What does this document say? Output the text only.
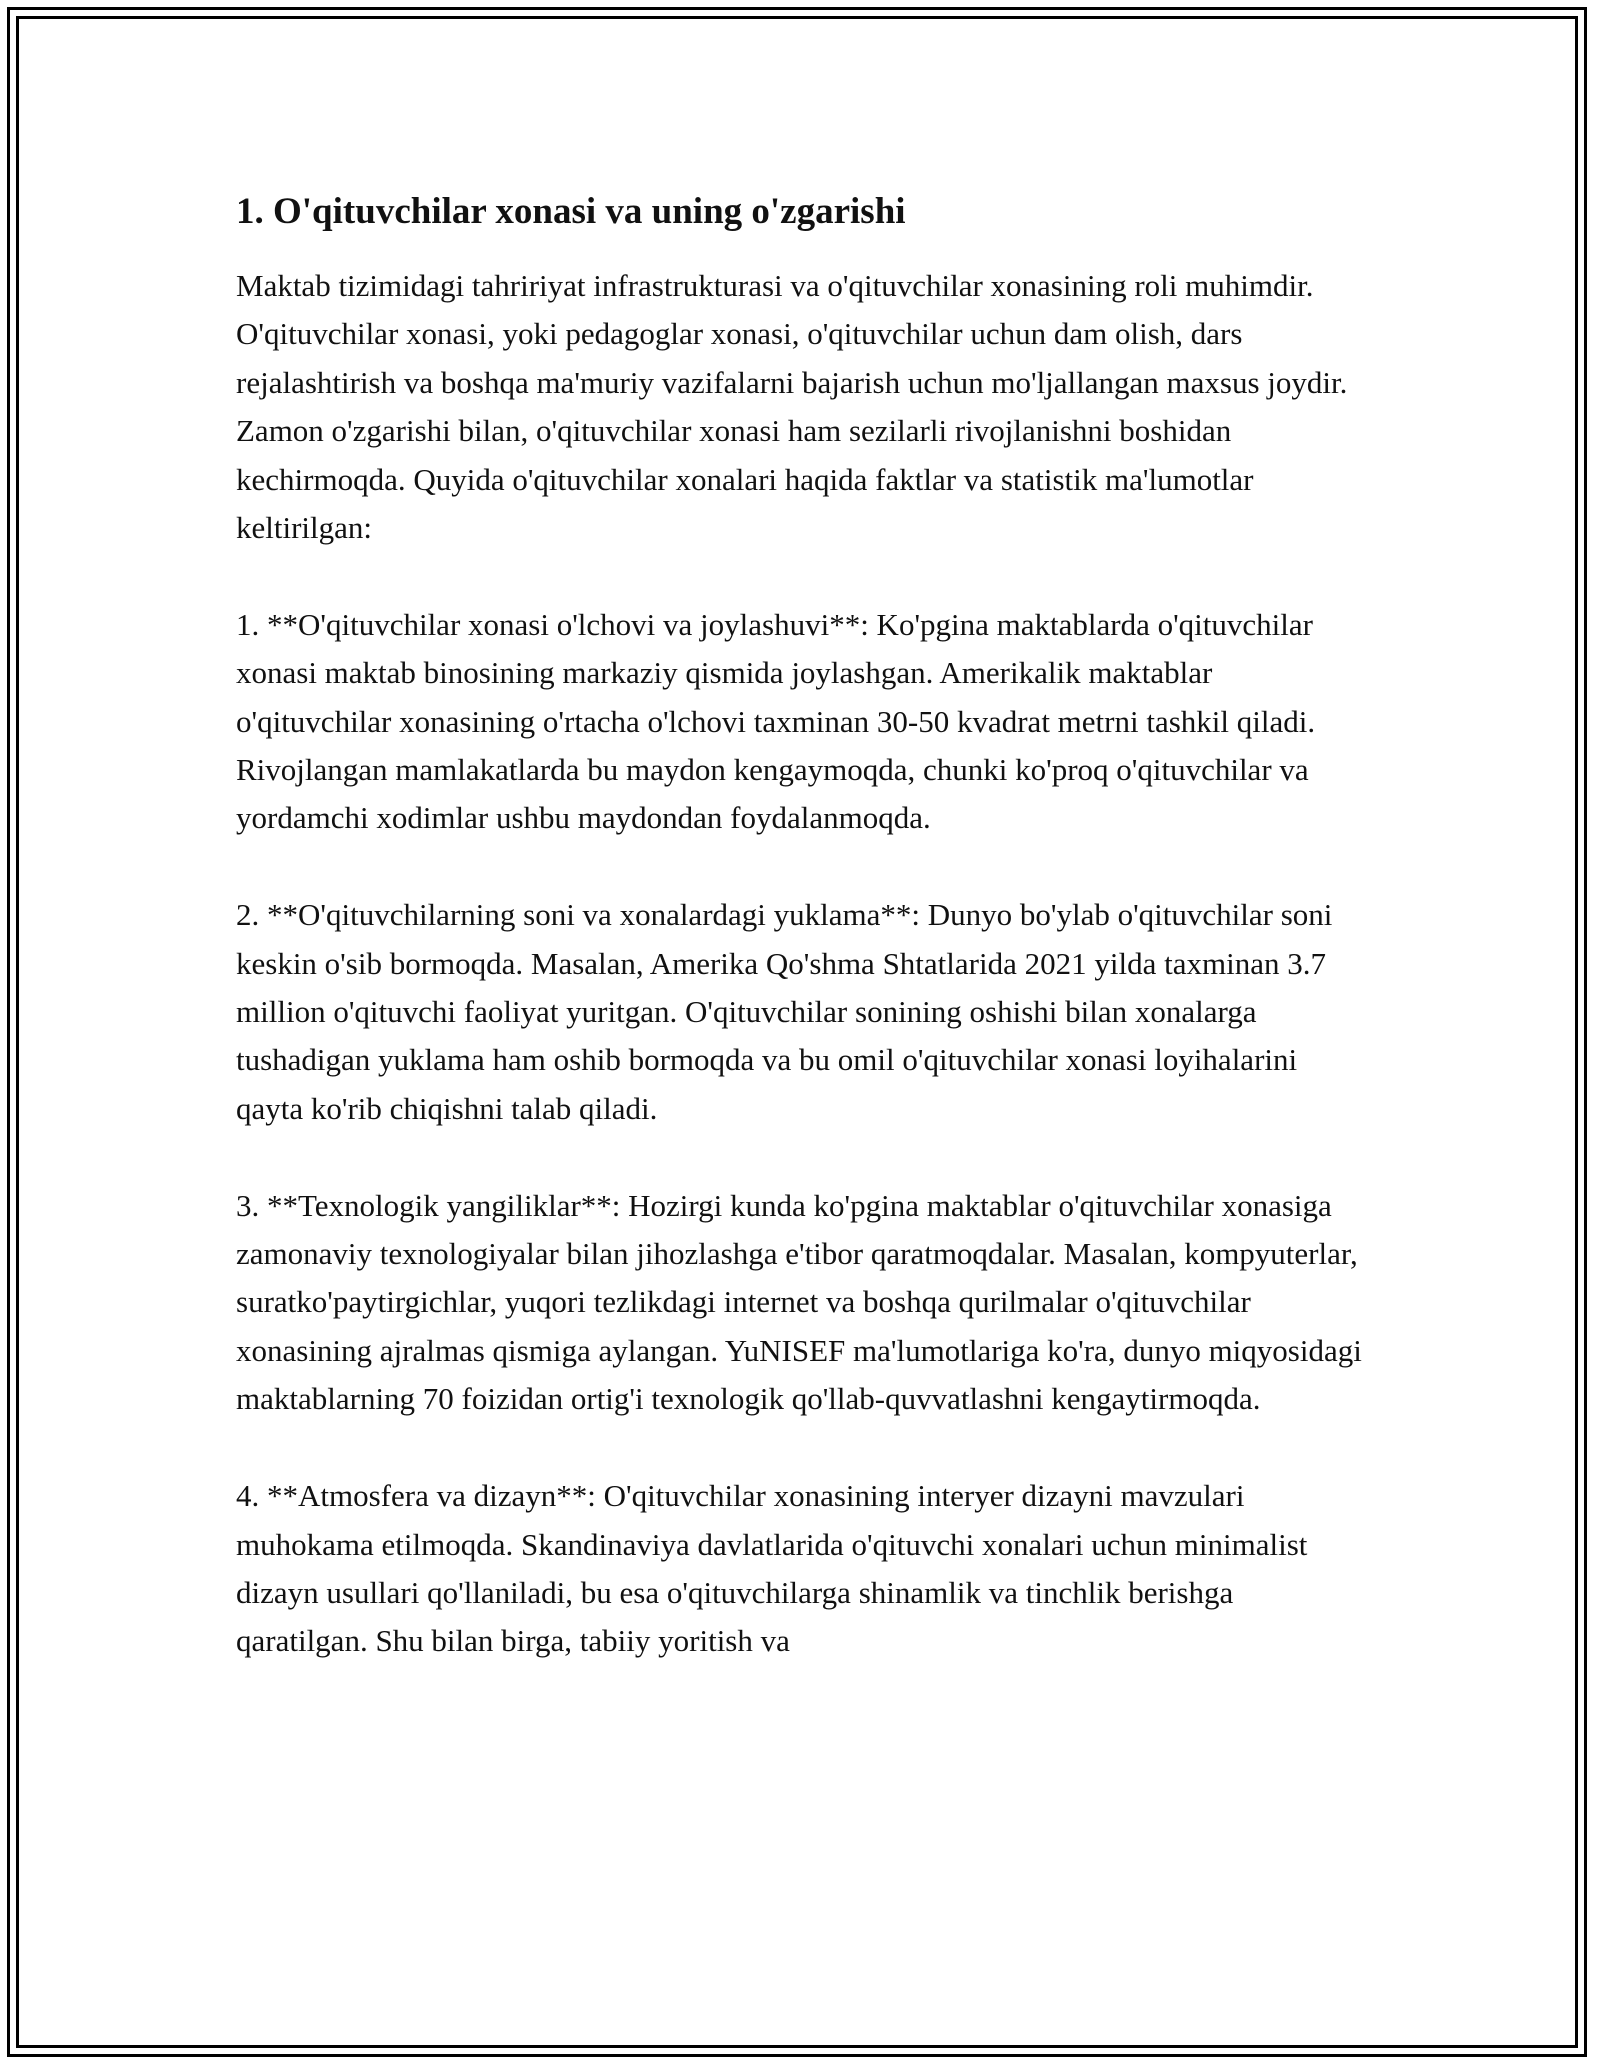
1. O'qituvchilar xonasi va uning o'zgarishi

Maktab tizimidagi tahririyat infrastrukturasi va o'qituvchilar xonasining roli muhimdir. O'qituvchilar xonasi, yoki pedagoglar xonasi, o'qituvchilar uchun dam olish, dars rejalashtirish va boshqa ma'muriy vazifalarni bajarish uchun mo'ljallangan maxsus joydir. Zamon o'zgarishi bilan, o'qituvchilar xonasi ham sezilarli rivojlanishni boshidan kechirmoqda. Quyida o'qituvchilar xonalari haqida faktlar va statistik ma'lumotlar keltirilgan:

1. **O'qituvchilar xonasi o'lchovi va joylashuvi**: Ko'pgina maktablarda o'qituvchilar xonasi maktab binosining markaziy qismida joylashgan. Amerikalik maktablar o'qituvchilar xonasining o'rtacha o'lchovi taxminan 30-50 kvadrat metrni tashkil qiladi. Rivojlangan mamlakatlarda bu maydon kengaymoqda, chunki ko'proq o'qituvchilar va yordamchi xodimlar ushbu maydondan foydalanmoqda.

2. **O'qituvchilarning soni va xonalardagi yuklama**: Dunyo bo'ylab o'qituvchilar soni keskin o'sib bormoqda. Masalan, Amerika Qo'shma Shtatlarida 2021 yilda taxminan 3.7 million o'qituvchi faoliyat yuritgan. O'qituvchilar sonining oshishi bilan xonalarga tushadigan yuklama ham oshib bormoqda va bu omil o'qituvchilar xonasi loyihalarini qayta ko'rib chiqishni talab qiladi.

3. **Texnologik yangiliklar**: Hozirgi kunda ko'pgina maktablar o'qituvchilar xonasiga zamonaviy texnologiyalar bilan jihozlashga e'tibor qaratmoqdalar. Masalan, kompyuterlar, suratko'paytirgichlar, yuqori tezlikdagi internet va boshqa qurilmalar o'qituvchilar xonasining ajralmas qismiga aylangan. YuNISEF ma'lumotlariga ko'ra, dunyo miqyosidagi maktablarning 70 foizidan ortig'i texnologik qo'llab-quvvatlashni kengaytirmoqda.

4. **Atmosfera va dizayn**: O'qituvchilar xonasining interyer dizayni mavzulari muhokama etilmoqda. Skandinaviya davlatlarida o'qituvchi xonalari uchun minimalist dizayn usullari qo'llaniladi, bu esa o'qituvchilarga shinamlik va tinchlik berishga qaratilgan. Shu bilan birga, tabiiy yoritish va
